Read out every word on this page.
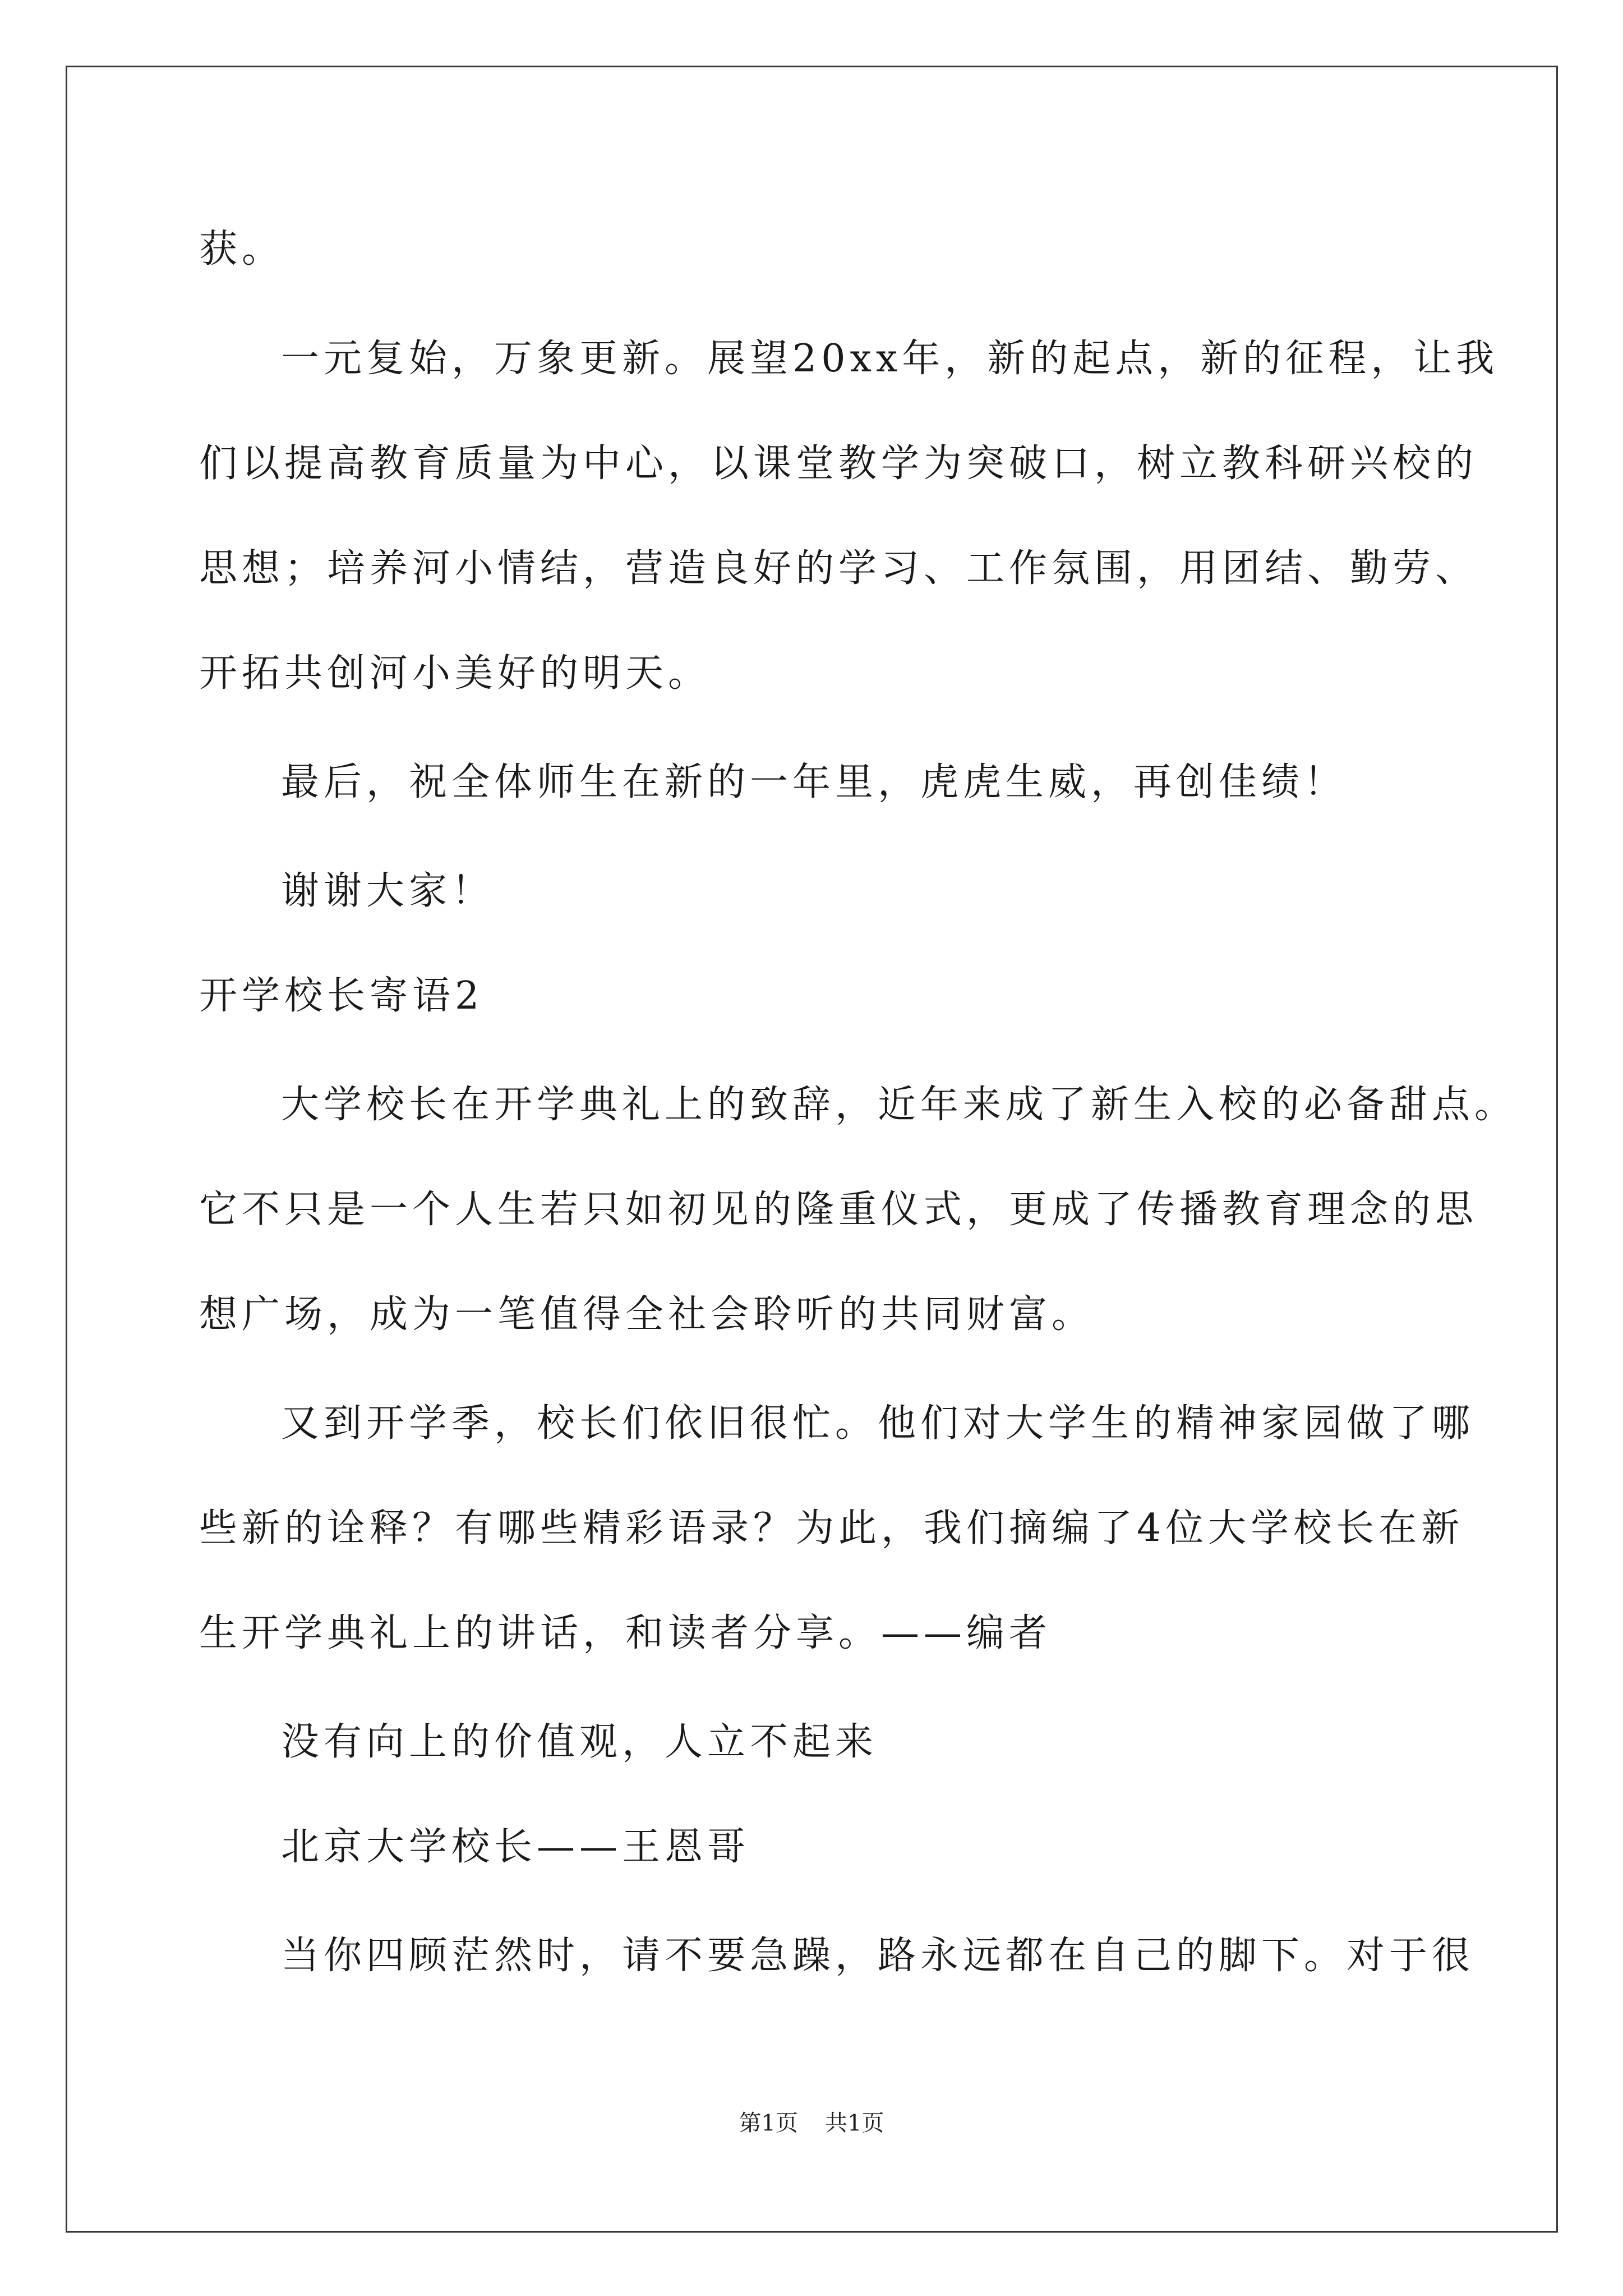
获。
一元复始，万象更新。展望20xx年，新的起点，新的征程，让我
们以提高教育质量为中心，以课堂教学为突破口，树立教科研兴校的
思想；培养河小情结，营造良好的学习、工作氛围，用团结、勤劳、
开拓共创河小美好的明天。
最后，祝全体师生在新的一年里，虎虎生威，再创佳绩！
谢谢大家！
开学校长寄语2
大学校长在开学典礼上的致辞，近年来成了新生入校的必备甜点。
它不只是一个人生若只如初见的隆重仪式，更成了传播教育理念的思
想广场，成为一笔值得全社会聆听的共同财富。
又到开学季，校长们依旧很忙。他们对大学生的精神家园做了哪
些新的诠释？有哪些精彩语录？为此，我们摘编了4位大学校长在新
生开学典礼上的讲话，和读者分享。——编者
没有向上的价值观，人立不起来
北京大学校长——王恩哥
当你四顾茫然时，请不要急躁，路永远都在自己的脚下。对于很
第1页 共1页
